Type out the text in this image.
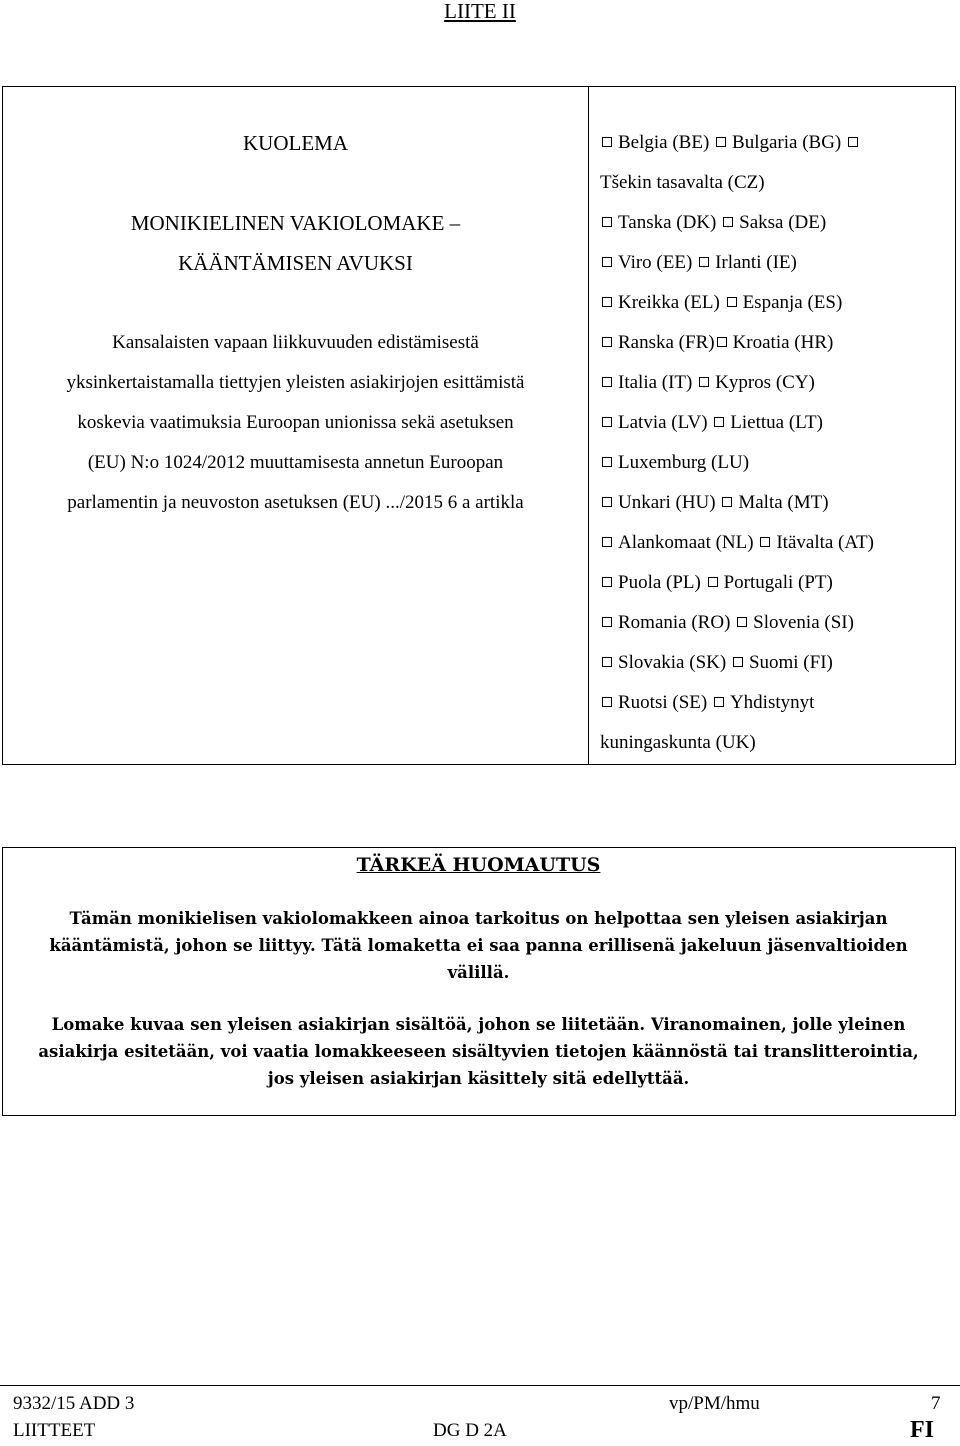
LIITE II
KUOLEMA
MONIKIELINEN VAKIOLOMAKE –
KÄÄNTÄMISEN AVUKSI
Kansalaisten vapaan liikkuvuuden edistämisestä
yksinkertaistamalla tiettyjen yleisten asiakirjojen esittämistä
koskevia vaatimuksia Euroopan unionissa sekä asetuksen
(EU) N:o 1024/2012 muuttamisesta annetun Euroopan
parlamentin ja neuvoston asetuksen (EU) .../2015 6 a artikla
Belgia (BE) Bulgaria (BG)
Tšekin tasavalta (CZ)
Tanska (DK) Saksa (DE)
Viro (EE) Irlanti (IE)
Kreikka (EL) Espanja (ES)
Ranska (FR) Kroatia (HR)
Italia (IT) Kypros (CY)
Latvia (LV) Liettua (LT)
Luxemburg (LU)
Unkari (HU) Malta (MT)
Alankomaat (NL) Itävalta (AT)
Puola (PL) Portugali (PT)
Romania (RO) Slovenia (SI)
Slovakia (SK) Suomi (FI)
Ruotsi (SE) Yhdistynyt
kuningaskunta (UK)
TÄRKEÄ HUOMAUTUS
Tämän monikielisen vakiolomakkeen ainoa tarkoitus on helpottaa sen yleisen asiakirjan
kääntämistä, johon se liittyy. Tätä lomaketta ei saa panna erillisenä jakeluun jäsenvaltioiden
välillä.
Lomake kuvaa sen yleisen asiakirjan sisältöä, johon se liitetään. Viranomainen, jolle yleinen
asiakirja esitetään, voi vaatia lomakkeeseen sisältyvien tietojen käännöstä tai translitterointia,
jos yleisen asiakirjan käsittely sitä edellyttää.
9332/15 ADD 3	vp/PM/hmu	7
LIITTEET	DG D 2A	FI
